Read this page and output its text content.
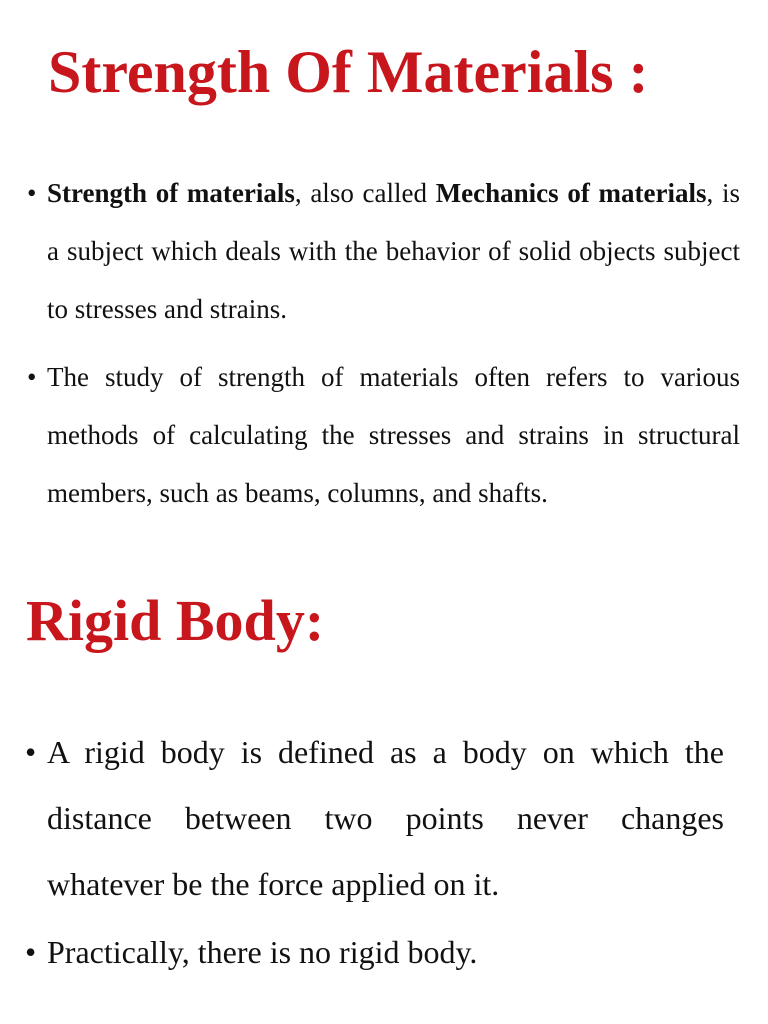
Strength Of Materials :

• Strength of materials, also called Mechanics of materials, is a subject which deals with the behavior of solid objects subject to stresses and strains.

• The study of strength of materials often refers to various methods of calculating the stresses and strains in structural members, such as beams, columns, and shafts.

Rigid Body:

• A rigid body is defined as a body on which the distance between two points never changes whatever be the force applied on it.

• Practically, there is no rigid body.
